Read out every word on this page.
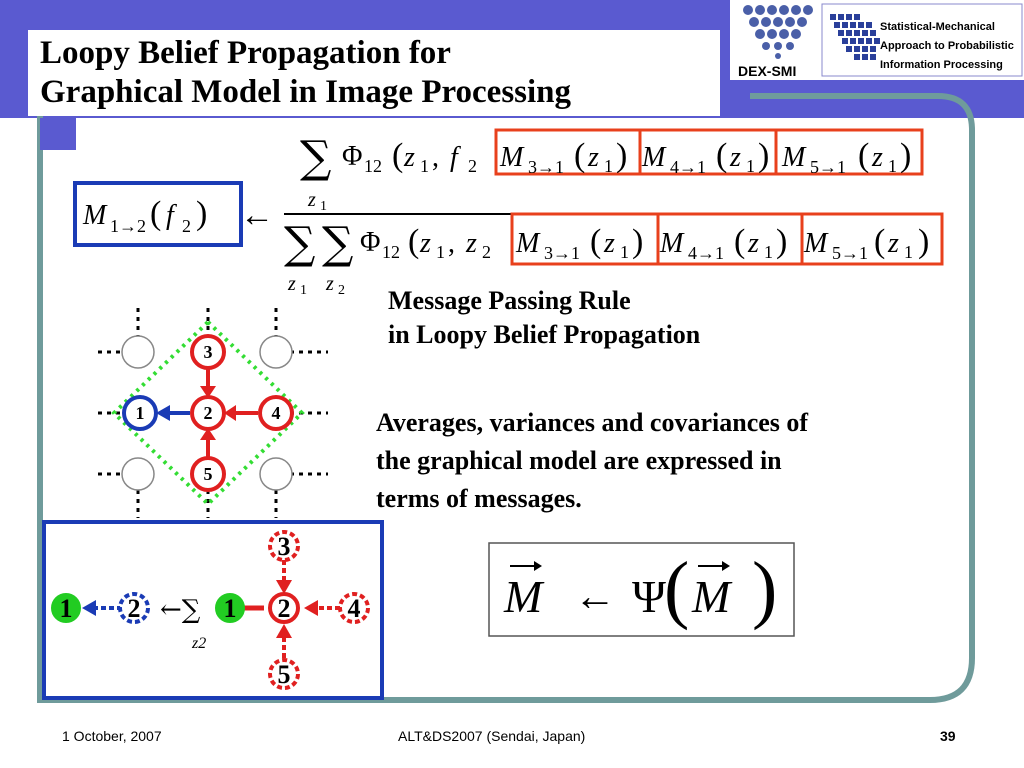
Loopy Belief Propagation for
Graphical Model in Image Processing
DEX-SMI
Statistical-Mechanical
Approach to Probabilistic
Information Processing
M 1→2 ( f 2 ) ←
∑
z 1
Φ 12 ( z 1 , f 2 M 3→1 ( z 1 ) M 4→1 ( z 1 ) M 5→1 ( z 1 )
∑ ∑
z 1 z 2
Φ 12 ( z 1 , z 2 M 3→1 ( z 1 ) M 4→1 ( z 1 ) M 5→1 ( z 1 )
3
1	2	4
5
3
1 2	1 2 4
5
←∑
z2
Message Passing Rule
in Loopy Belief Propagation
Averages, variances and covariances of
the graphical model are expressed in
terms of messages.
M ← Ψ
( M )
1 October, 2007	ALT&DS2007 (Sendai, Japan)	39
